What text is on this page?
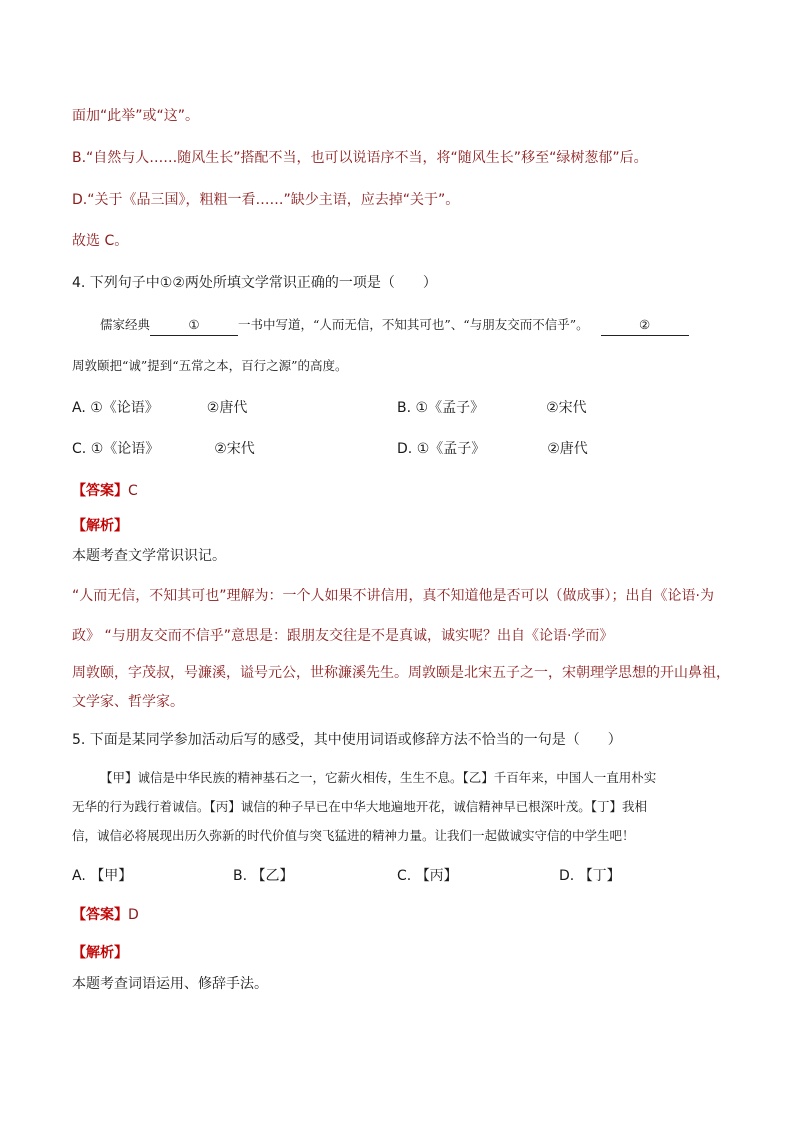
面加“此举”或“这”。
B.“自然与人……随风生长”搭配不当，也可以说语序不当，将“随风生长”移至“绿树葱郁”后。
D.“关于《品三国》，粗粗一看……”缺少主语，应去掉“关于”。
故选 C。
4. 下列句子中①②两处所填文学常识正确的一项是（　　）
儒家经典	①	一书中写道，“人而无信，不知其可也”、“与朋友交而不信乎”。	②
周敦颐把“诚”提到“五常之本，百行之源”的高度。
A. ①《论语》	②唐代	B. ①《孟子》	②宋代
C. ①《论语》	②宋代	D. ①《孟子》	②唐代
【答案】C
【解析】
本题考查文学常识识记。
“人而无信，不知其可也”理解为：一个人如果不讲信用，真不知道他是否可以（做成事）；出自《论语·为
政》 “与朋友交而不信乎”意思是：跟朋友交往是不是真诚，诚实呢？出自《论语·学而》
周敦颐，字茂叔，号濂溪，谥号元公，世称濂溪先生。周敦颐是北宋五子之一，宋朝理学思想的开山鼻祖，
文学家、哲学家。
5. 下面是某同学参加活动后写的感受，其中使用词语或修辞方法不恰当的一句是（　　）
【甲】诚信是中华民族的精神基石之一，它薪火相传，生生不息。【乙】千百年来，中国人一直用朴实
无华的行为践行着诚信。【丙】诚信的种子早已在中华大地遍地开花，诚信精神早已根深叶茂。【丁】我相
信，诚信必将展现出历久弥新的时代价值与突飞猛进的精神力量。让我们一起做诚实守信的中学生吧！
A. 【甲】	B. 【乙】	C. 【丙】	D. 【丁】
【答案】D
【解析】
本题考查词语运用、修辞手法。
